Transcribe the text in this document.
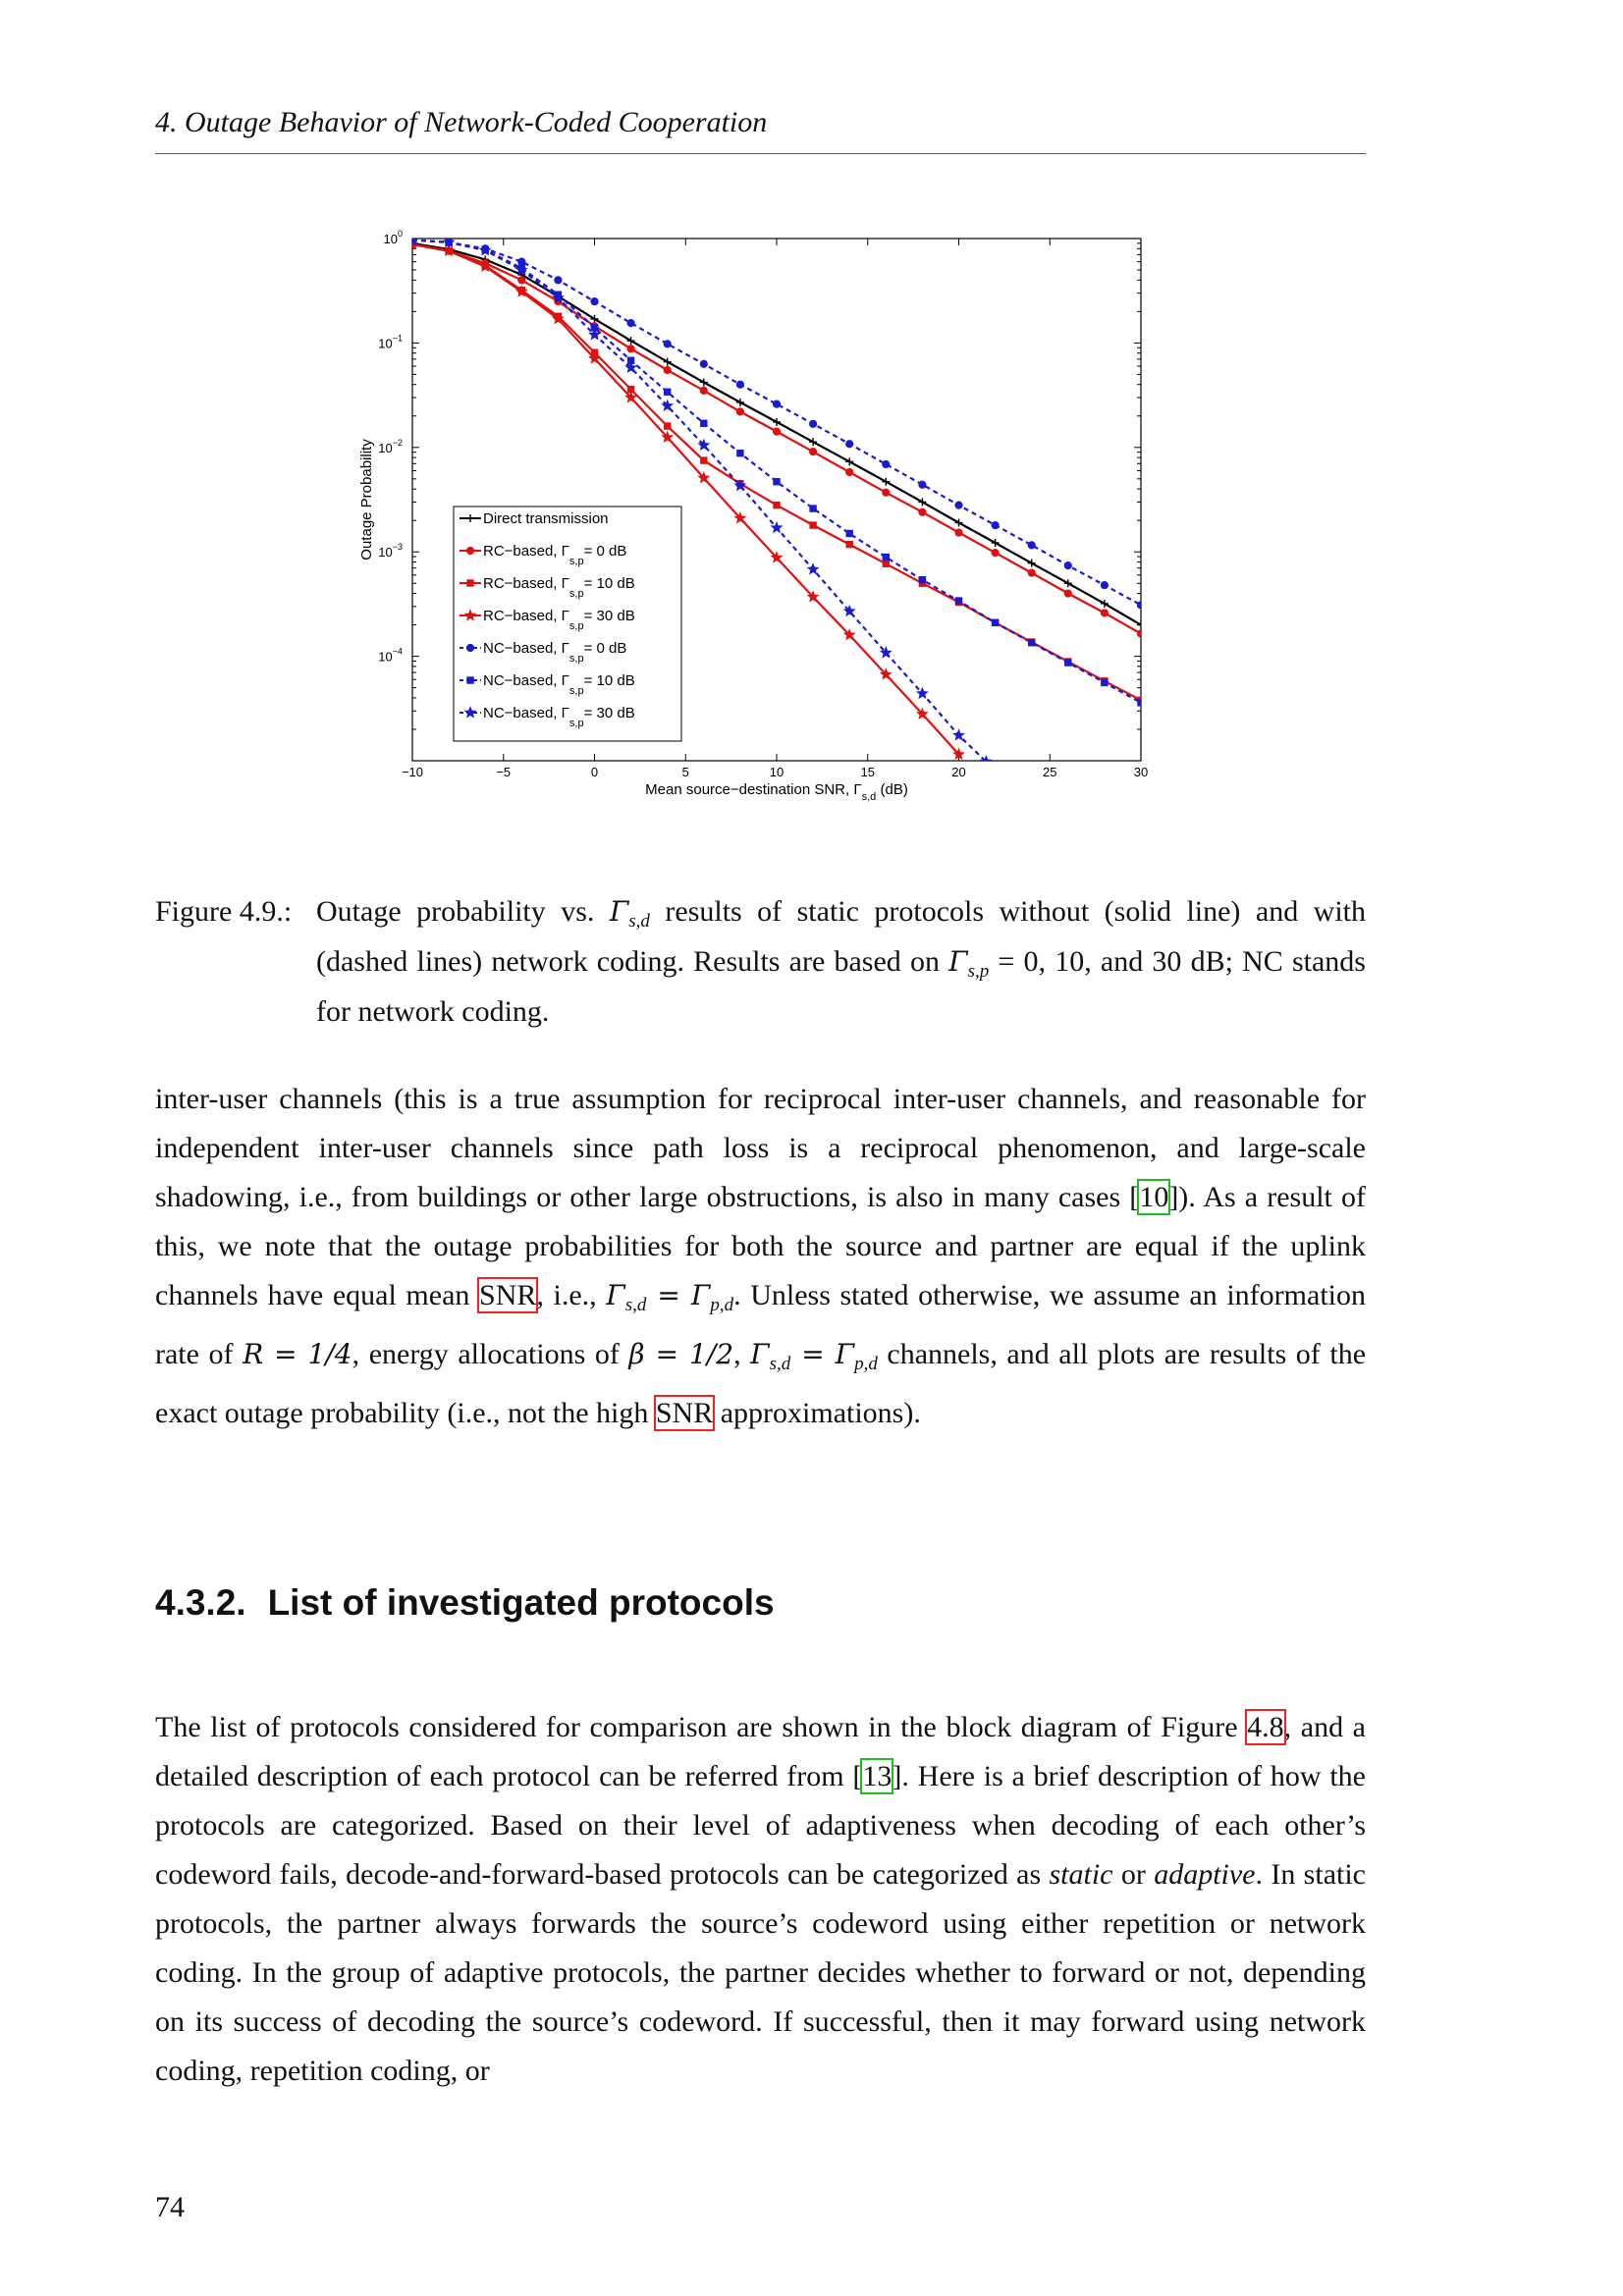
4. Outage Behavior of Network-Coded Cooperation
−10	−5	0	5	10	15	20	25	30
$10^0$
$10^{-1}$
$10^{-2}$
$10^{-3}$
$10^{-4}$
Mean source−destination SNR, $\Gamma_{s,d}$ (dB)
Outage Probability	Direct transmission
RC−based, $\Gamma_{s,p}= 0$ dB
RC−based, $\Gamma_{s,p}= 10$ dB
RC−based, $\Gamma_{s,p}= 30$ dB
NC−based, $\Gamma_{s,p}= 0$ dB
NC−based, $\Gamma_{s,p}= 10$ dB
NC−based, $\Gamma_{s,p}= 30$ dB
Figure 4.9.: Outage probability vs. $\Gamma_{s,d}$ results of static protocols without (solid line) and with (dashed lines) network coding. Results are based on $\Gamma_{s,p} = 0$, 10, and 30 dB; NC stands for network coding.
inter-user channels (this is a true assumption for reciprocal inter-user channels, and reasonable for independent inter-user channels since path loss is a reciprocal phenomenon, and large-scale shadowing, i.e., from buildings or other large obstructions, is also in many cases [10]). As a result of this, we note that the outage probabilities for both the source and partner are equal if the uplink channels have equal mean SNR, i.e., $\Gamma_{s,d} = \Gamma_{p,d}$. Unless stated otherwise, we assume an information rate of R = 1/4, energy allocations of β = 1/2, $\Gamma_{s,d} = \Gamma_{p,d}$ channels, and all plots are results of the exact outage probability (i.e., not the high SNR approximations).
4.3.2. List of investigated protocols
The list of protocols considered for comparison are shown in the block diagram of Figure 4.8, and a detailed description of each protocol can be referred from [13]. Here is a brief description of how the protocols are categorized. Based on their level of adaptiveness when decoding of each other’s codeword fails, decode-and-forward-based protocols can be categorized as static or adaptive. In static protocols, the partner always forwards the source’s codeword using either repetition or network coding. In the group of adaptive protocols, the partner decides whether to forward or not, depending on its success of decoding the source’s codeword. If successful, then it may forward using network coding, repetition coding, or
74
